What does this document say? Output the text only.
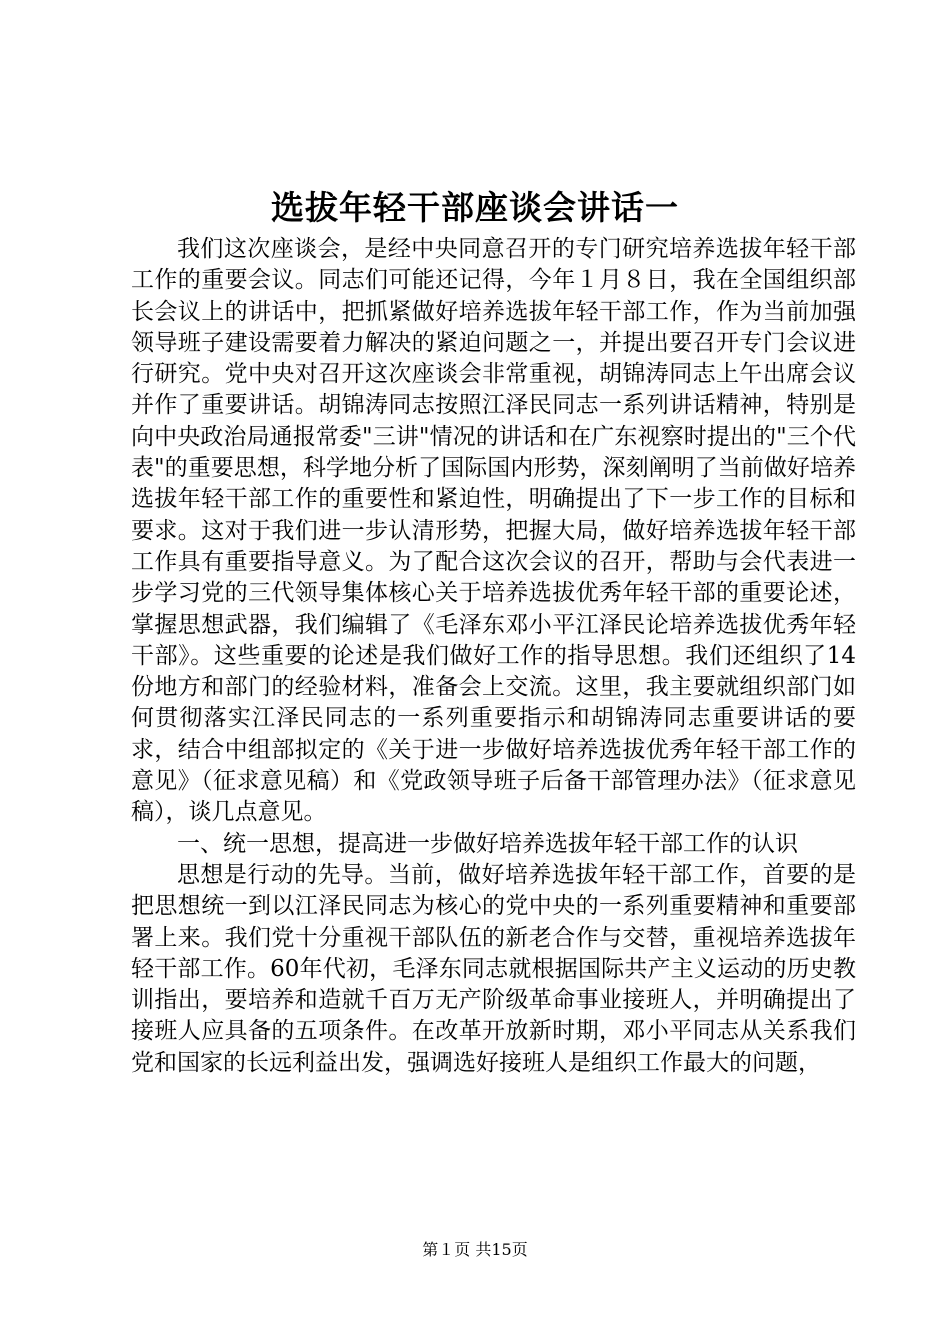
选拔年轻干部座谈会讲话一

我们这次座谈会，是经中央同意召开的专门研究培养选拔年轻干部工作的重要会议。同志们可能还记得，今年１月８日，我在全国组织部长会议上的讲话中，把抓紧做好培养选拔年轻干部工作，作为当前加强领导班子建设需要着力解决的紧迫问题之一，并提出要召开专门会议进行研究。党中央对召开这次座谈会非常重视，胡锦涛同志上午出席会议并作了重要讲话。胡锦涛同志按照江泽民同志一系列讲话精神，特别是向中央政治局通报常委"三讲"情况的讲话和在广东视察时提出的"三个代表"的重要思想，科学地分析了国际国内形势，深刻阐明了当前做好培养选拔年轻干部工作的重要性和紧迫性，明确提出了下一步工作的目标和要求。这对于我们进一步认清形势，把握大局，做好培养选拔年轻干部工作具有重要指导意义。为了配合这次会议的召开，帮助与会代表进一步学习党的三代领导集体核心关于培养选拔优秀年轻干部的重要论述，掌握思想武器，我们编辑了《毛泽东邓小平江泽民论培养选拔优秀年轻干部》。这些重要的论述是我们做好工作的指导思想。我们还组织了14份地方和部门的经验材料，准备会上交流。这里，我主要就组织部门如何贯彻落实江泽民同志的一系列重要指示和胡锦涛同志重要讲话的要求，结合中组部拟定的《关于进一步做好培养选拔优秀年轻干部工作的意见》（征求意见稿）和《党政领导班子后备干部管理办法》（征求意见稿），谈几点意见。

一、统一思想，提高进一步做好培养选拔年轻干部工作的认识

思想是行动的先导。当前，做好培养选拔年轻干部工作，首要的是把思想统一到以江泽民同志为核心的党中央的一系列重要精神和重要部署上来。我们党十分重视干部队伍的新老合作与交替，重视培养选拔年轻干部工作。60年代初，毛泽东同志就根据国际共产主义运动的历史教训指出，要培养和造就千百万无产阶级革命事业接班人，并明确提出了接班人应具备的五项条件。在改革开放新时期，邓小平同志从关系我们党和国家的长远利益出发，强调选好接班人是组织工作最大的问题，

第１页 共15页
